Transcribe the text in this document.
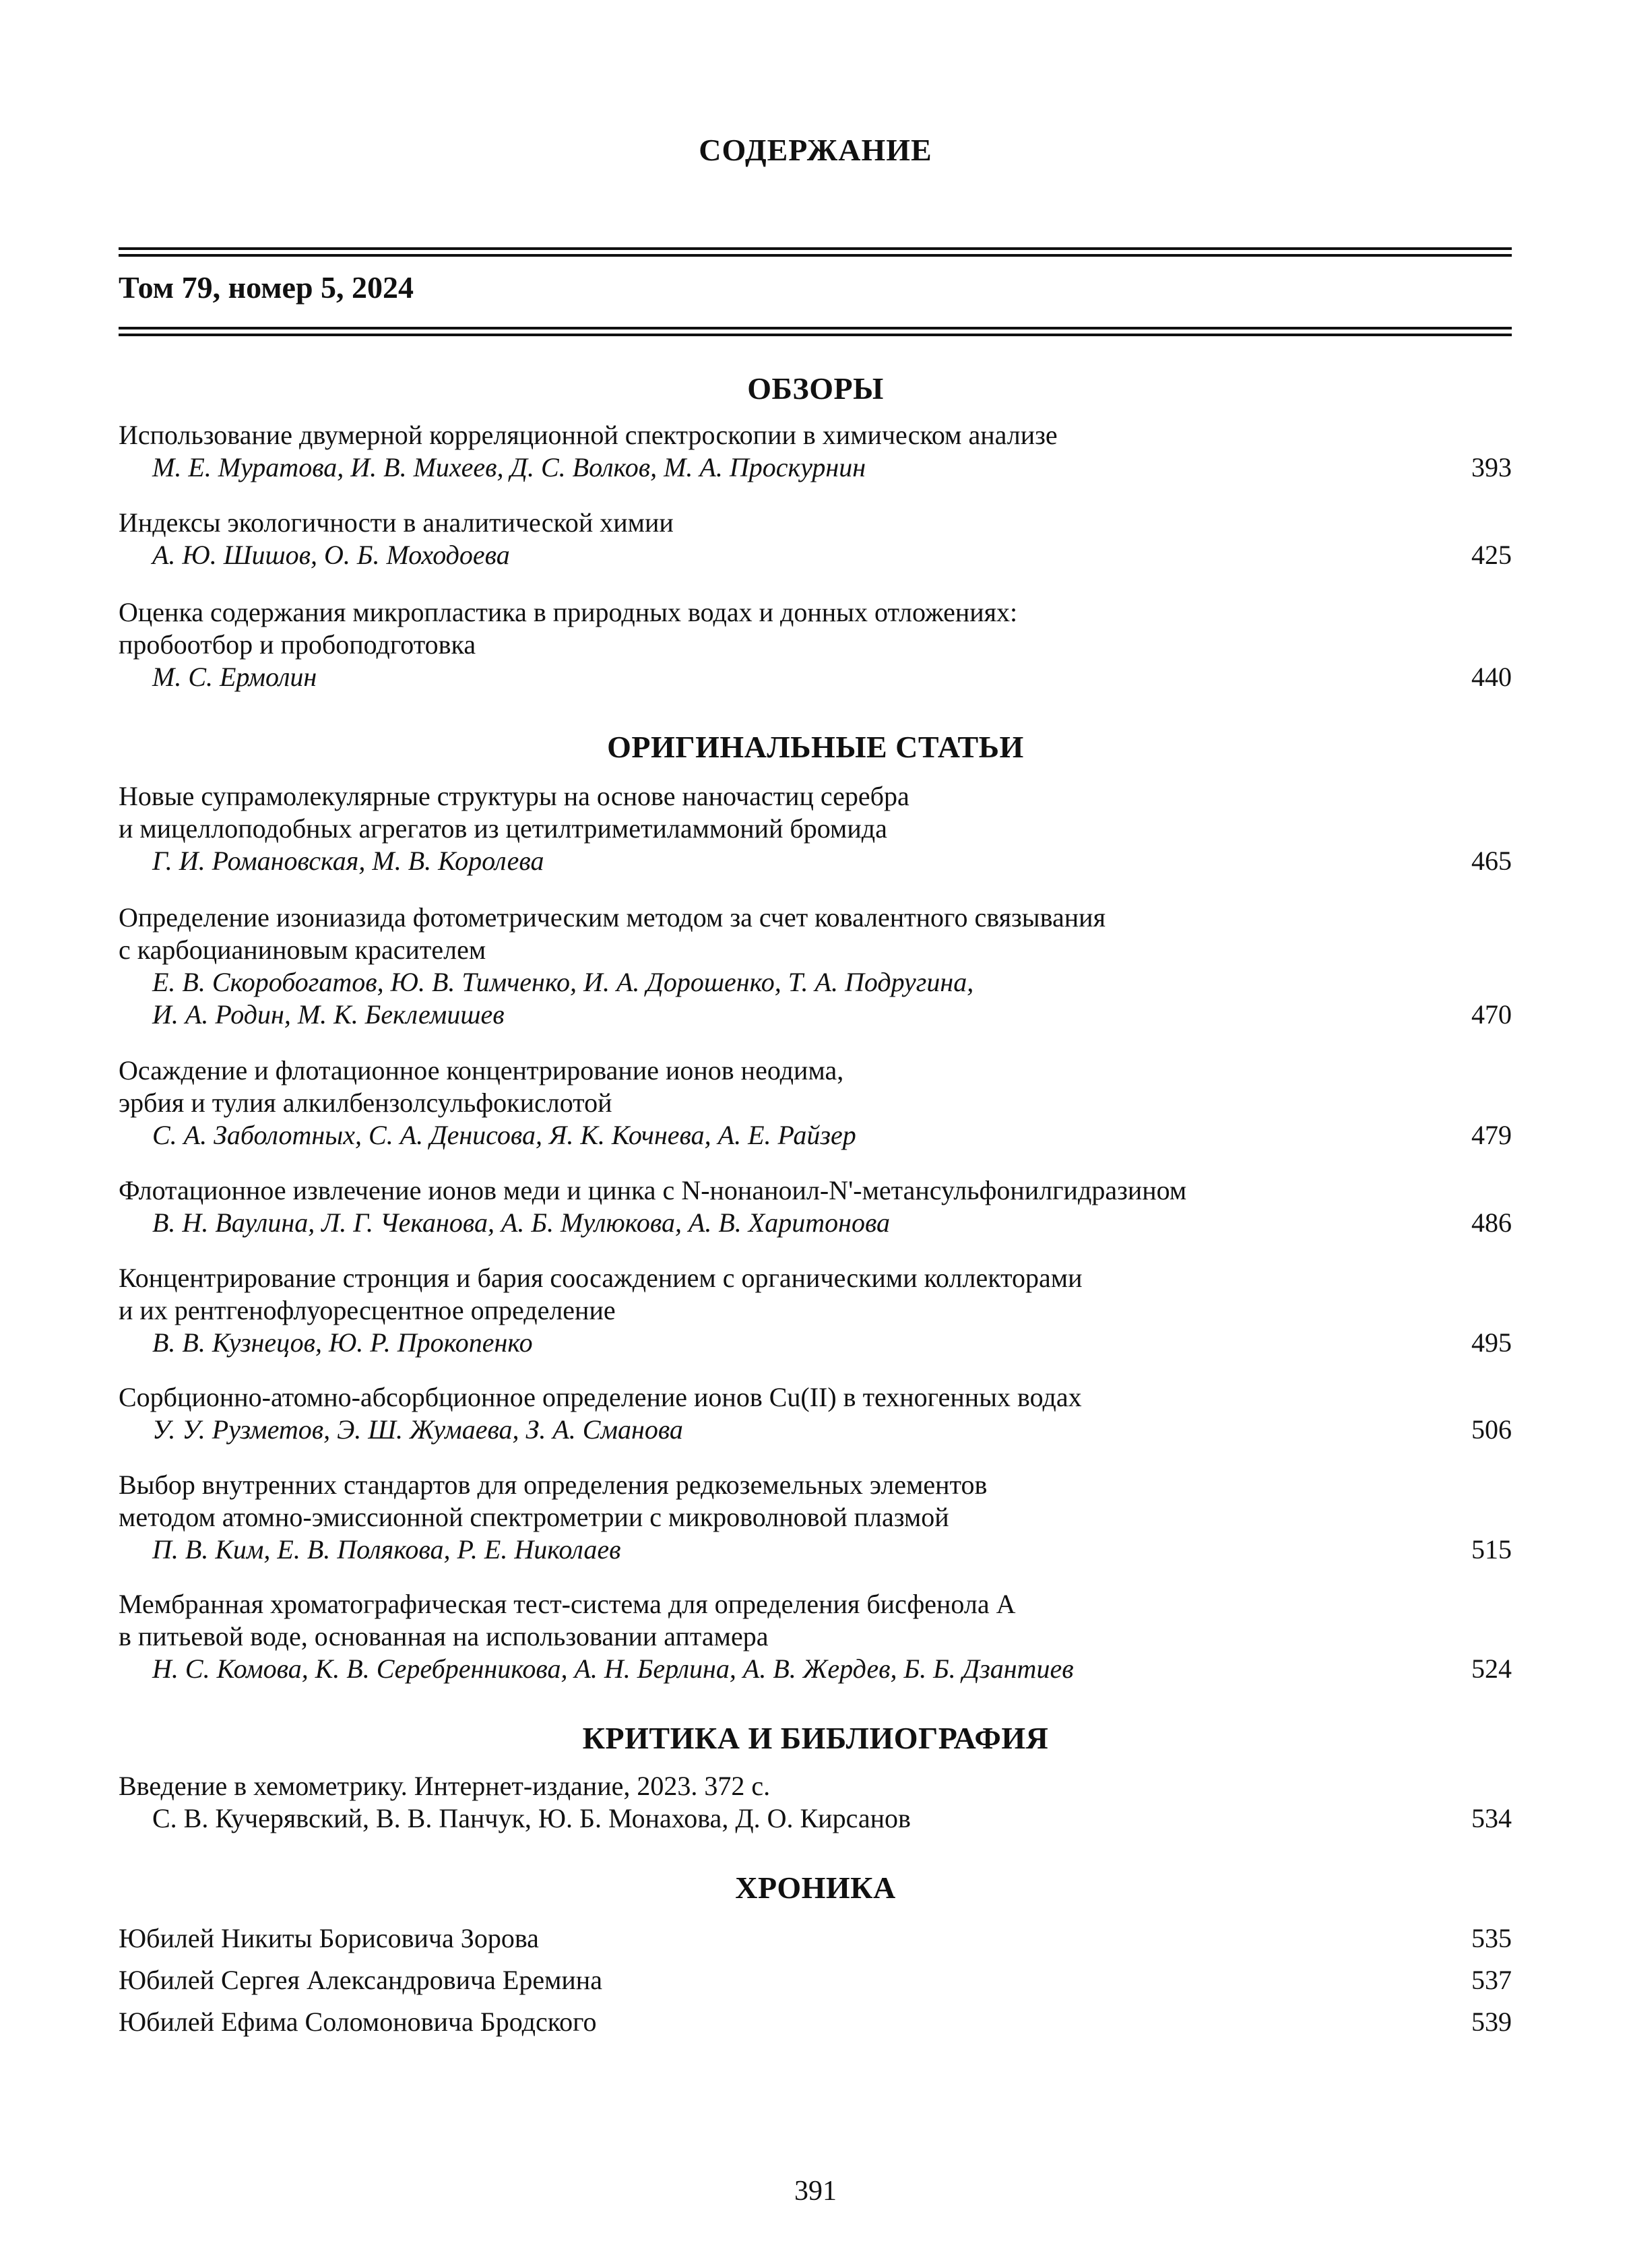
СОДЕРЖАНИЕ
Том 79, номер 5, 2024
ОБЗОРЫ
Использование двумерной корреляционной спектроскопии в химическом анализе
М. Е. Муратова, И. В. Михеев, Д. С. Волков, М. А. Проскурнин	393
Индексы экологичности в аналитической химии
А. Ю. Шишов, О. Б. Моходоева	425
Оценка содержания микропластика в природных водах и донных отложениях:
пробоотбор и пробоподготовка
М. С. Ермолин	440
ОРИГИНАЛЬНЫЕ СТАТЬИ
Новые супрамолекулярные структуры на основе наночастиц серебра
и мицеллоподобных агрегатов из цетилтриметиламмоний бромида
Г. И. Романовская, М. В. Королева	465
Определение изониазида фотометрическим методом за счет ковалентного связывания
с карбоцианиновым красителем
Е. В. Скоробогатов, Ю. В. Тимченко, И. А. Дорошенко, Т. А. Подругина,
И. А. Родин, М. К. Беклемишев	470
Осаждение и флотационное концентрирование ионов неодима,
эрбия и тулия алкилбензолсульфокислотой
С. А. Заболотных, С. А. Денисова, Я. К. Кочнева, А. Е. Райзер	479
Флотационное извлечение ионов меди и цинка с N-нонаноил-N'-метансульфонилгидразином
В. Н. Ваулина, Л. Г. Чеканова, А. Б. Мулюкова, А. В. Харитонова	486
Концентрирование стронция и бария соосаждением с органическими коллекторами
и их рентгенофлуоресцентное определение
В. В. Кузнецов, Ю. Р. Прокопенко	495
Сорбционно-атомно-абсорбционное определение ионов Cu(II) в техногенных водах
У. У. Рузметов, Э. Ш. Жумаева, З. А. Сманова	506
Выбор внутренних стандартов для определения редкоземельных элементов
методом атомно-эмиссионной спектрометрии с микроволновой плазмой
П. В. Ким, Е. В. Полякова, Р. Е. Николаев	515
Мембранная хроматографическая тест-система для определения бисфенола А
в питьевой воде, основанная на использовании аптамера
Н. С. Комова, К. В. Серебренникова, А. Н. Берлина, А. В. Жердев, Б. Б. Дзантиев	524
КРИТИКА И БИБЛИОГРАФИЯ
Введение в хемометрику. Интернет-издание, 2023. 372 с.
С. В. Кучерявский, В. В. Панчук, Ю. Б. Монахова, Д. О. Кирсанов	534
ХРОНИКА
Юбилей Никиты Борисовича Зорова	535
Юбилей Сергея Александровича Еремина	537
Юбилей Ефима Соломоновича Бродского	539
391
